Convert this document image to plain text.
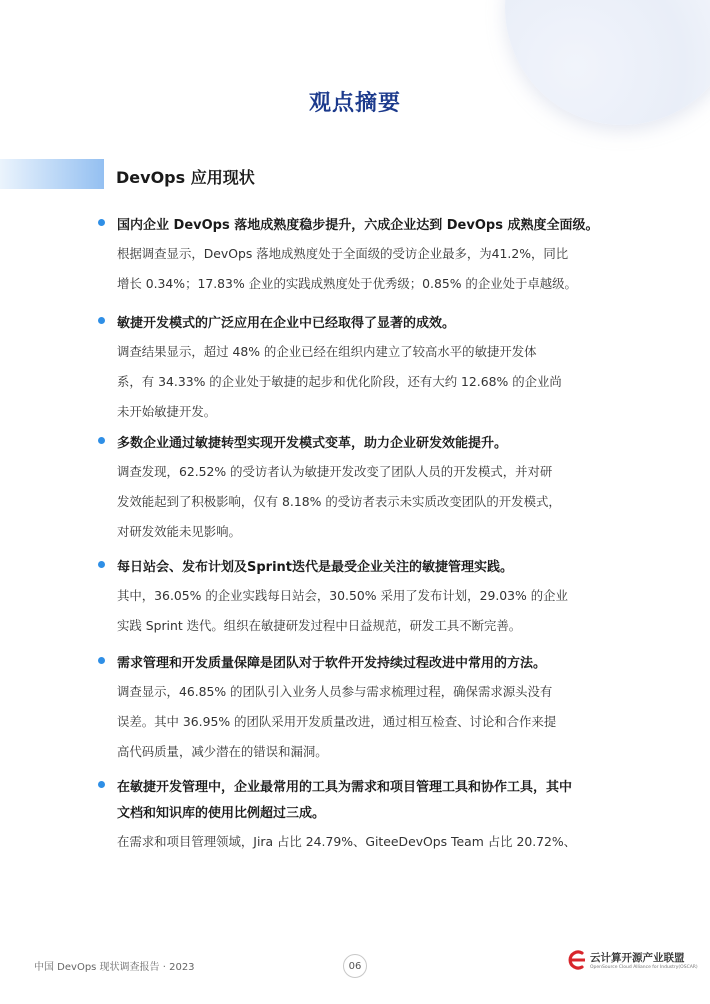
观点摘要
DevOps 应用现状
国内企业 DevOps 落地成熟度稳步提升，六成企业达到 DevOps 成熟度全面级。
根据调查显示，DevOps 落地成熟度处于全面级的受访企业最多，为41.2%，同比
增长 0.34%；17.83% 企业的实践成熟度处于优秀级；0.85% 的企业处于卓越级。
敏捷开发模式的广泛应用在企业中已经取得了显著的成效。
调查结果显示，超过 48% 的企业已经在组织内建立了较高水平的敏捷开发体
系，有 34.33% 的企业处于敏捷的起步和优化阶段，还有大约 12.68% 的企业尚
未开始敏捷开发。
多数企业通过敏捷转型实现开发模式变革，助力企业研发效能提升。
调查发现，62.52% 的受访者认为敏捷开发改变了团队人员的开发模式，并对研
发效能起到了积极影响，仅有 8.18% 的受访者表示未实质改变团队的开发模式，
对研发效能未见影响。
每日站会、发布计划及Sprint迭代是最受企业关注的敏捷管理实践。
其中，36.05% 的企业实践每日站会，30.50% 采用了发布计划，29.03% 的企业
实践 Sprint 迭代。组织在敏捷研发过程中日益规范，研发工具不断完善。
需求管理和开发质量保障是团队对于软件开发持续过程改进中常用的方法。
调查显示，46.85% 的团队引入业务人员参与需求梳理过程，确保需求源头没有
误差。其中 36.95% 的团队采用开发质量改进，通过相互检查、讨论和合作来提
高代码质量，减少潜在的错误和漏洞。
在敏捷开发管理中，企业最常用的工具为需求和项目管理工具和协作工具，其中
文档和知识库的使用比例超过三成。
在需求和项目管理领域，Jira 占比 24.79%、GiteeDevOps Team 占比 20.72%、
中国 DevOps 现状调查报告 · 2023	06
云计算开源产业联盟
OpenSource Cloud Alliance for Industry(OSCAR)
